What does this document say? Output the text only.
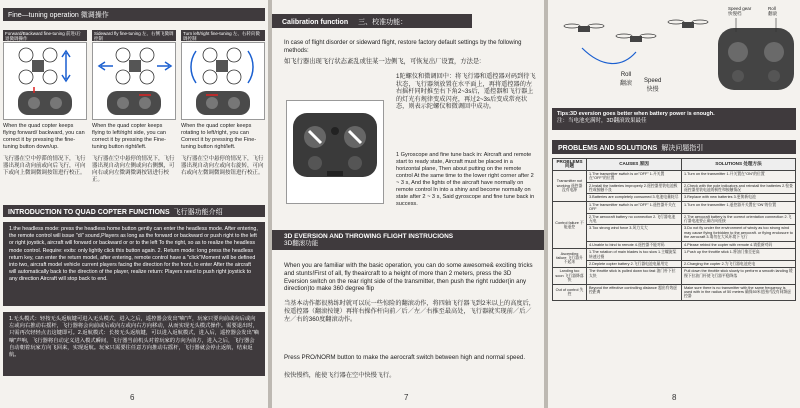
Fine—tuning operation 微调操作
Forward/Backward fine-tuning 前进/后退微调操作
When the quad copter keeps flying forward/ backward, you can correct it by pressing the fine-tuning button down/up.
飞行器在空中停滞的情况下，飞行器出现自动向前或向后飞行，可向下或向上微调微调按钮进行校正。
Sideward fly fine-tuning 左、右侧飞微调控制
When the quad copter keeps flying to left/right side, you can correct it by pressing the Fine-tuning button right/left.
飞行器在空中悬停的情况下，飞行器出现自动向左侧或向右侧飘，可向右或向左微调微调按钮进行校正。
Turn left/right fine-tuning 左、右转向微调控制
When the quad copter keeps rotating to left/right, you can Correct it by pressing the Fine-tuning button right/left.
飞行器在空中悬停的情况下，飞行器出现自动向左或向右旋转，可向右或向左微调微调按钮进行校正。
INTRODUCTION TO QUAD COPTER FUNCTIONS 飞行器功能介绍
1.the headless mode: press the headless home button gently can enter the headless mode. After entering, the remote control will issue "di" sound,Players as long as the forward or backward or push right to the left or right joystick, aircraft will forward or backward or or to the left To the right, so as to realize the headless mode control. Require: exits: only lightly click this button again. 2. Return mode: long press the headless return key, can enter the return model, after entering, remote control have a "click"Moment will be defined into two, aircraft model vehicle current players facing the direction for the front, to enter After the aircraft will automatically back to the direction of the player, realize return: Players need to push right joystick to any direction Aircraft will stop back to end.
1.无头模式：轻按无头返航键可进入无头模式，进入之后，遥控器会发出"嘀"声，玩家只要向前或向后或向左或向右推动右摇杆，飞行器将会向前或后或向左或向右方向移动，从而实现无头模式操作。需要退出时，只需再次轻轻点击这键即可。2.返航模式：长按无头返航键，可以进入返航模式，进入后，遥控器会发出"嘀嘀"声响，飞行器将自动定义进入模式瞬间，飞行器当前机头对着玩家的方向为前方，进入之后，飞行器会自动朝着玩家方向飞回来，实现返航。玩家只需要往任意方向推动右摇杆，飞行器就会停止返航，结束返航。
6
Calibration function 三、校准功能：
In case of flight disorder or sideward flight, restore factory default settings by the following methods:
如飞行器出现飞行状态紊乱或往某一边侧飞，可恢复出厂设置，方法是:
1陀螺仪和微调回中：将飞行器和遥控器对码到待飞状态，飞行器须放置在水平面上，再将遥控器的左右摇杆同时推至右下角2~3s后，遥控器和飞行器上的灯光有规律变成闪亮，再过2~3s后变成常亮状态，则表示陀螺仪和微调回中成功。
1 Gyroscope and fine tune back in: Aircraft and remote start to ready state, Aircraft must be placed in a horizontal plane, Then about putting on the remote control At the same time to the lower right corner after 2 ~ 3 s, And the lights of the aircraft have normally on remote control In into a shiny and become normally on state after 2 ~ 3 s, Said gyroscope and fine tune back in success.
3D EVERSION AND THROWING FLIGHT INSTRUCIONS
3D翻滚功能
When you are familiar with the basic operation, you can do some awesome& exciting tricks and stunts!First of all, fly theaircraft to a height of more than 2 meters, press the 3D Eversion switch on the rear right side of the transmitter, then push the right rudder(in any direction)to make 360 degree flip
当基本动作都很熟练时就可以玩一些惊险的翻滚动作，将四轴飞行器飞到2米以上的高度后，按遥控器（翻滚按键）再将右操作杆向前／后／左／右推至最高处，飞行器就实现前／后／左／右的360度翻滚动作。
Press PRO/NORM button to make the aerocraft switch between high and normal speed.
按快慢档，能使飞行器在空中快慢飞行。
7
Roll
翻滚 Speed
快慢
Speed gear
快慢档
Roll
翻滚
Tips:3D eversion goes better when battery power is enough.
注：当电池充满时，3D翻滚效果最佳
PROBLEMS AND SOLUTIONS 解决问题指引
PROBLEMS 问题	CAUSES 原因	SOLUTIONS 处理方法
Transmitter not working 遥控器没有电源	1.The transmitter switch is on"OFF" 1.开关置在"OFF"的位置	1.Turn on the transmitter 1.开关置在"ON"的位置
	2.Install the batteries improperly 2.遥控器里装电池极性或接触不良	2.Check with the pole indicators and reinstall the batteries 2.检查遥控器里装电池的极性和接触情况
	3.Batteries are completely consumed 3.电池电量耗尽	3.Replace with new batteries 3.更换新电池
Control failure 不能遥控	1.The transmitter switch is on"OFF" 1.遥控器开关在OFF	1.Turn on the transmitter 1.遥控器开关置在"ON"的位置
	2.The aerocraft battery no connection 2.飞行器电池无电	2.The aerocraft battery is the correct orientation connection 2.飞行器电池要正确方向连接
	3.Too strong wind force 3.风力太大	3.Do not fly under the environment of windy as too strong wind may cause flying forbidden to the aerocraft. or flying enclosure to the aerocraft 3.请勿在大风环境下飞行
	4.Unable to bind to remote 4.遥控器不能对码	4.Please rebind the copter with remote 4.请重新对码
Ascending failure 飞行器升不起来	1.The rotation of main blades is too slow 1.主螺旋桨转速过慢	1.Push up the throttle stick 1.将油门推至更高
	2.Deplete copter battery 2.飞行器电池电量用完	2.Charging the copter 2.为飞行器电池充电
Landing too soon 飞行器降落快	The throttle stick is pulled down too fast 油门杆下拉太快	Pull down the throttle stick slowly to perform a smooth landing 缓慢下拉油门杆使飞行器平稳降落
Out of control 失控	Beyond the effective controlling distance 超出有效遥控距离	Make sure there is no transmitter with the same frequency is used with in the radius of 50 meters 确保50米范围内没有同频遥控器
8
